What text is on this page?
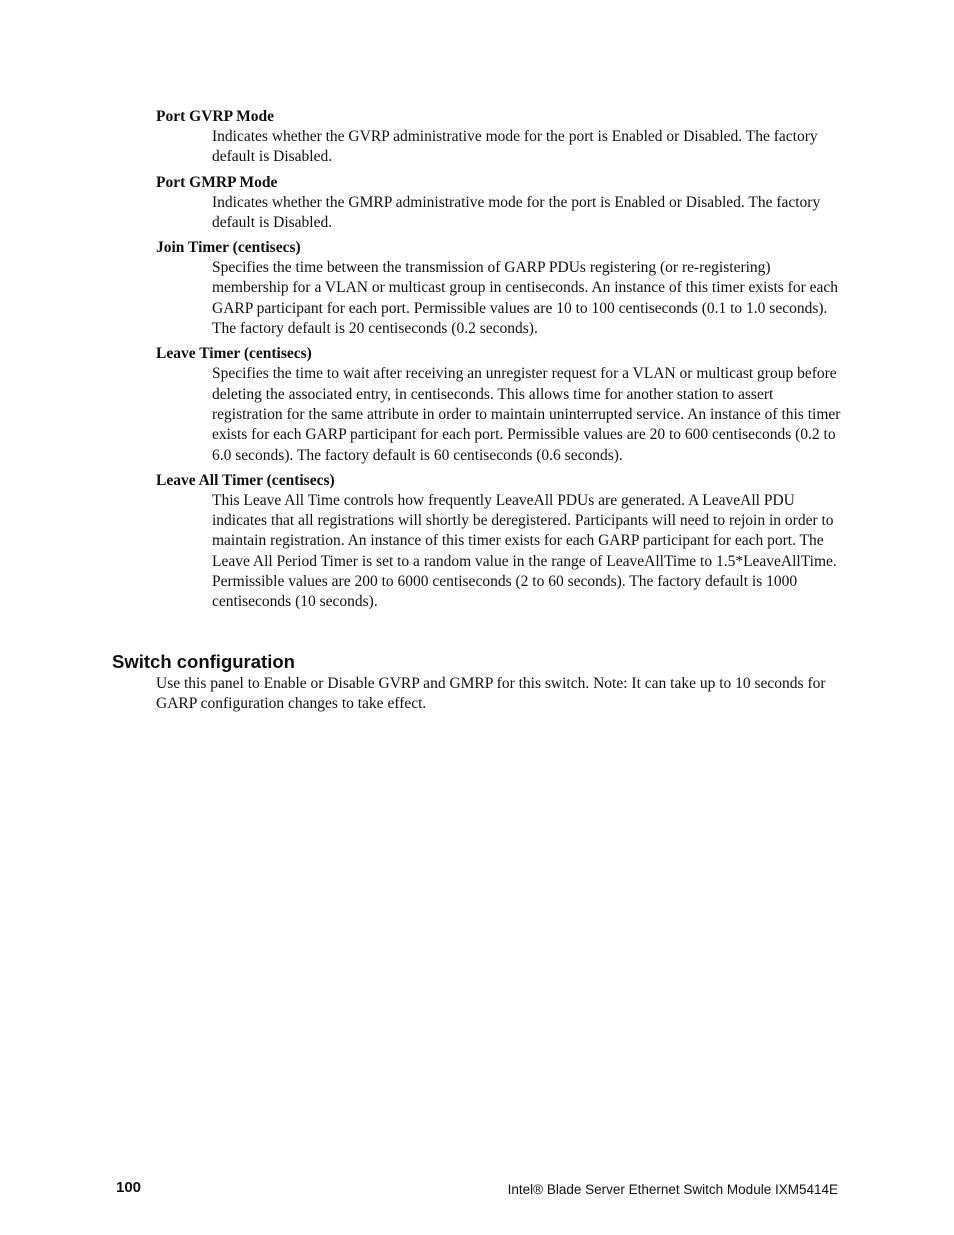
Port GVRP Mode

Indicates whether the GVRP administrative mode for the port is Enabled or Disabled. The factory default is Disabled.

Port GMRP Mode

Indicates whether the GMRP administrative mode for the port is Enabled or Disabled. The factory default is Disabled.

Join Timer (centisecs)

Specifies the time between the transmission of GARP PDUs registering (or re-registering) membership for a VLAN or multicast group in centiseconds. An instance of this timer exists for each GARP participant for each port. Permissible values are 10 to 100 centiseconds (0.1 to 1.0 seconds). The factory default is 20 centiseconds (0.2 seconds).

Leave Timer (centisecs)

Specifies the time to wait after receiving an unregister request for a VLAN or multicast group before deleting the associated entry, in centiseconds. This allows time for another station to assert registration for the same attribute in order to maintain uninterrupted service. An instance of this timer exists for each GARP participant for each port. Permissible values are 20 to 600 centiseconds (0.2 to 6.0 seconds). The factory default is 60 centiseconds (0.6 seconds).

Leave All Timer (centisecs)

This Leave All Time controls how frequently LeaveAll PDUs are generated. A LeaveAll PDU indicates that all registrations will shortly be deregistered. Participants will need to rejoin in order to maintain registration. An instance of this timer exists for each GARP participant for each port. The Leave All Period Timer is set to a random value in the range of LeaveAllTime to 1.5*LeaveAllTime. Permissible values are 200 to 6000 centiseconds (2 to 60 seconds). The factory default is 1000 centiseconds (10 seconds).

Switch configuration

Use this panel to Enable or Disable GVRP and GMRP for this switch. Note: It can take up to 10 seconds for GARP configuration changes to take effect.

100	Intel® Blade Server Ethernet Switch Module IXM5414E
